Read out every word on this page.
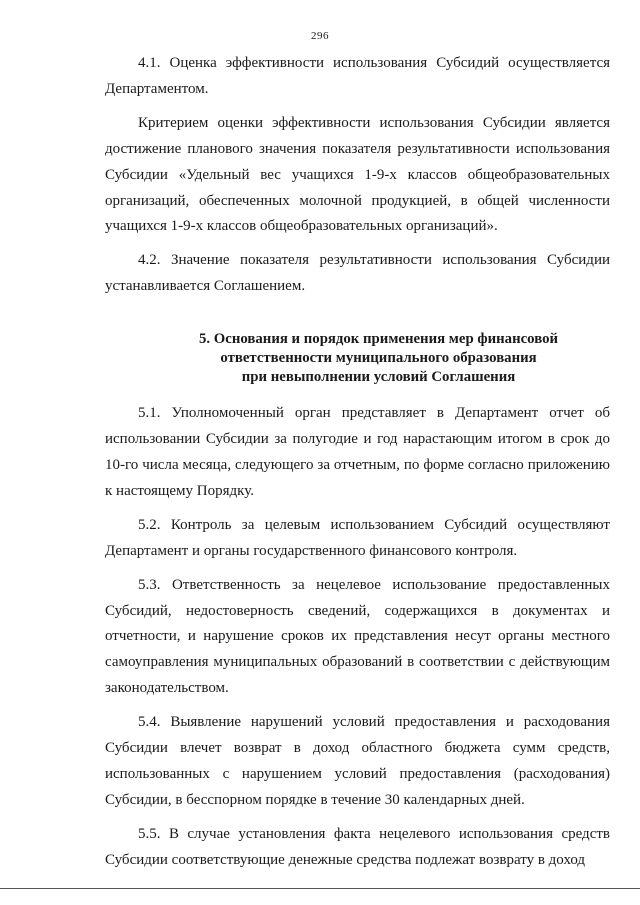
296

4.1. Оценка эффективности использования Субсидий осуществляется Департаментом.

Критерием оценки эффективности использования Субсидии является достижение планового значения показателя результативности использования Субсидии «Удельный вес учащихся 1-9-х классов общеобразовательных организаций, обеспеченных молочной продукцией, в общей численности учащихся 1-9-х классов общеобразовательных организаций».

4.2. Значение показателя результативности использования Субсидии устанавливается Соглашением.

5. Основания и порядок применения мер финансовой
ответственности муниципального образования
при невыполнении условий Соглашения

5.1. Уполномоченный орган представляет в Департамент отчет об использовании Субсидии за полугодие и год нарастающим итогом в срок до 10-го числа месяца, следующего за отчетным, по форме согласно приложению к настоящему Порядку.

5.2. Контроль за целевым использованием Субсидий осуществляют Департамент и органы государственного финансового контроля.

5.3. Ответственность за нецелевое использование предоставленных Субсидий, недостоверность сведений, содержащихся в документах и отчетности, и нарушение сроков их представления несут органы местного самоуправления муниципальных образований в соответствии с действующим законодательством.

5.4. Выявление нарушений условий предоставления и расходования Субсидии влечет возврат в доход областного бюджета сумм средств, использованных с нарушением условий предоставления (расходования) Субсидии, в бесспорном порядке в течение 30 календарных дней.

5.5. В случае установления факта нецелевого использования средств Субсидии соответствующие денежные средства подлежат возврату в доход
